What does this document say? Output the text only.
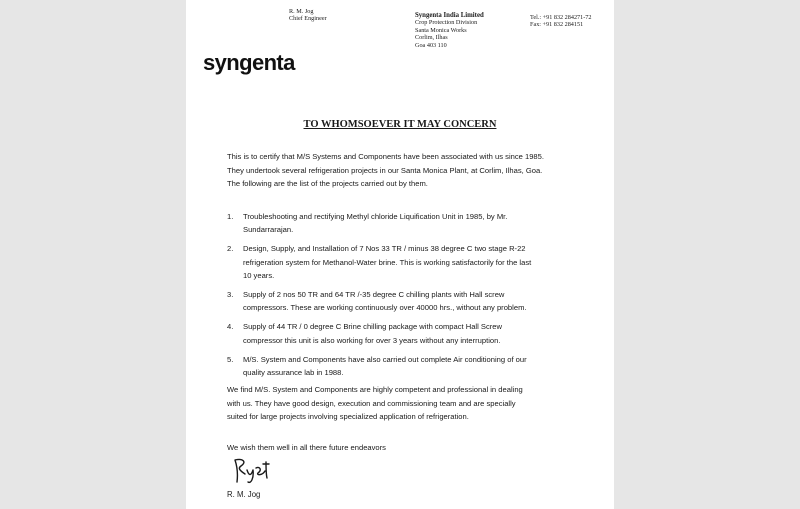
R. M. Jog
Chief Engineer	Syngenta India Limited
Crop Protection Division
Santa Monica Works
Corlim, Ilhas
Goa 403 110
Tel.: +91 832 284271-72
Fax: +91 832 284151
syngenta
TO WHOMSOEVER IT MAY CONCERN
This is to certify that M/S Systems and Components have been associated with us since 1985.
They undertook several refrigeration projects in our Santa Monica Plant, at Corlim, Ilhas, Goa.
The following are the list of the projects carried out by them.
1. Troubleshooting and rectifying Methyl chloride Liquification Unit in 1985, by Mr.
Sundarrarajan.
2. Design, Supply, and Installation of 7 Nos 33 TR / minus 38 degree C two stage R-22
refrigeration system for Methanol-Water brine. This is working satisfactorily for the last
10 years.
3. Supply of 2 nos 50 TR and 64 TR /-35 degree C chilling plants with Hall screw
compressors. These are working continuously over 40000 hrs., without any problem.
4. Supply of 44 TR / 0 degree C Brine chilling package with compact Hall Screw
compressor this unit is also working for over 3 years without any interruption.
5. M/S. System and Components have also carried out complete Air conditioning of our
quality assurance lab in 1988.
We find M/S. System and Components are highly competent and professional in dealing
with us. They have good design, execution and commissioning team and are specially
suited for large projects involving specialized application of refrigeration.
We wish them well in all there future endeavors
R. M. Jog
